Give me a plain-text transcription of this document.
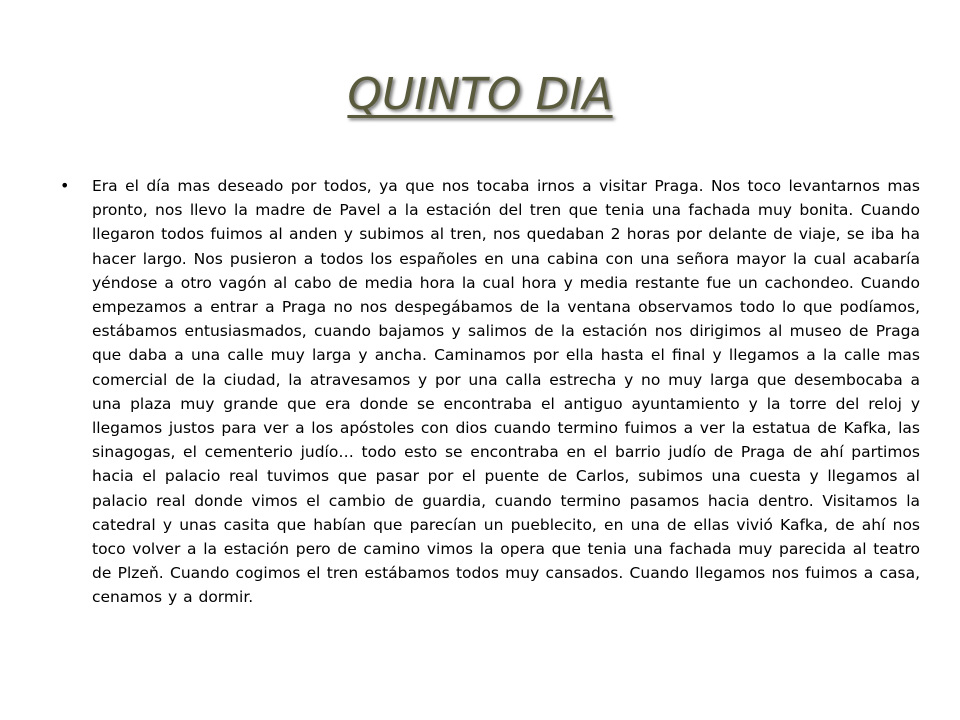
QUINTO DIA
• Era el día mas deseado por todos, ya que nos tocaba irnos a visitar Praga. Nos toco levantarnos mas pronto, nos llevo la madre de Pavel a la estación del tren que tenia una fachada muy bonita. Cuando llegaron todos fuimos al anden y subimos al tren, nos quedaban 2 horas por delante de viaje, se iba ha hacer largo. Nos pusieron a todos los españoles en una cabina con una señora mayor la cual acabaría yéndose a otro vagón al cabo de media hora la cual hora y media restante fue un cachondeo. Cuando empezamos a entrar a Praga no nos despegábamos de la ventana observamos todo lo que podíamos, estábamos entusiasmados, cuando bajamos y salimos de la estación nos dirigimos al museo de Praga que daba a una calle muy larga y ancha. Caminamos por ella hasta el final y llegamos a la calle mas comercial de la ciudad, la atravesamos y por una calla estrecha y no muy larga que desembocaba a una plaza muy grande que era donde se encontraba el antiguo ayuntamiento y la torre del reloj y llegamos justos para ver a los apóstoles con dios cuando termino fuimos a ver la estatua de Kafka, las sinagogas, el cementerio judío… todo esto se encontraba en el barrio judío de Praga de ahí partimos hacia el palacio real tuvimos que pasar por el puente de Carlos, subimos una cuesta y llegamos al palacio real donde vimos el cambio de guardia, cuando termino pasamos hacia dentro. Visitamos la catedral y unas casita que habían que parecían un pueblecito, en una de ellas vivió Kafka, de ahí nos toco volver a la estación pero de camino vimos la opera que tenia una fachada muy parecida al teatro de Plzeň. Cuando cogimos el tren estábamos todos muy cansados. Cuando llegamos nos fuimos a casa, cenamos y a dormir.
